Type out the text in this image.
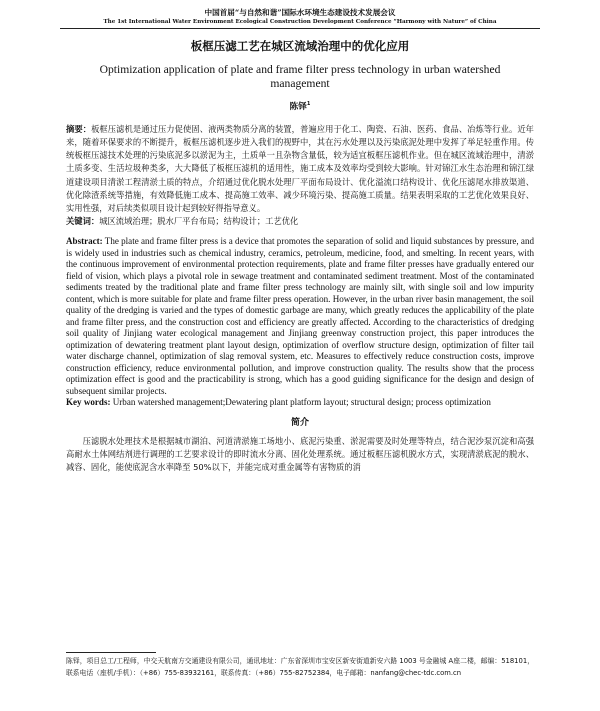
中国首届“与自然和谐”国际水环境生态建设技术发展会议
The 1st International Water Environment Ecological Construction Development Conference “Harmony with Nature” of China
板框压滤工艺在城区流域治理中的优化应用
Optimization application of plate and frame filter press technology in urban watershed management
陈铎$^1$
摘要：板框压滤机是通过压力促使固、液两类物质分离的装置，普遍应用于化工、陶瓷、石油、医药、食品、冶炼等行业。近年来，随着环保要求的不断提升，板框压滤机逐步进入我们的视野中，其在污水处理以及污染底泥处理中发挥了举足轻重作用。传统板框压滤技术处理的污染底泥多以淤泥为主，土质单一且杂物含量低，较为适宜板框压滤机作业。但在城区流域治理中，清淤土质多变、生活垃圾种类多，大大降低了板框压滤机的适用性，施工成本及效率均受到较大影响。针对锦江水生态治理和锦江绿道建设项目清淤工程清淤土质的特点，介绍通过优化脱水处理厂平面布局设计、优化溢流口结构设计、优化压滤尾水排放渠道、优化除渣系统等措施，有效降低施工成本、提高施工效率、减少环境污染、提高施工质量。结果表明采取的工艺优化效果良好、实用性强，对后续类似项目设计起到较好得指导意义。
关键词：城区流域治理；脱水厂平台布局；结构设计；工艺优化
Abstract: The plate and frame filter press is a device that promotes the separation of solid and liquid substances by pressure, and is widely used in industries such as chemical industry, ceramics, petroleum, medicine, food, and smelting. In recent years, with the continuous improvement of environmental protection requirements, plate and frame filter presses have gradually entered our field of vision, which plays a pivotal role in sewage treatment and contaminated sediment treatment. Most of the contaminated sediments treated by the traditional plate and frame filter press technology are mainly silt, with single soil and low impurity content, which is more suitable for plate and frame filter press operation. However, in the urban river basin management, the soil quality of the dredging is varied and the types of domestic garbage are many, which greatly reduces the applicability of the plate and frame filter press, and the construction cost and efficiency are greatly affected. According to the characteristics of dredging soil quality of Jinjiang water ecological management and Jinjiang greenway construction project, this paper introduces the optimization of dewatering treatment plant layout design, optimization of overflow structure design, optimization of filter tail water discharge channel, optimization of slag removal system, etc. Measures to effectively reduce construction costs, improve construction efficiency, reduce environmental pollution, and improve construction quality. The results show that the process optimization effect is good and the practicability is strong, which has a good guiding significance for the design and design of subsequent similar projects.
Key words: Urban watershed management;Dewatering plant platform layout; structural design; process optimization
简介
压滤脱水处理技术是根据城市湖泊、河道清淤施工场地小、底泥污染重、淤泥需要及时处理等特点，结合泥沙泵沉淀和高强高耐水土体网结剂进行调理的工艺要求设计的即时流水分离、固化处理系统。通过板框压滤机脱水方式，实现清淤底泥的脱水、减容、固化，能使底泥含水率降至 50%以下，并能完成对重金属等有害物质的消
陈铎，项目总工/工程师，中交天航南方交通建设有限公司，通讯地址：广东省深圳市宝安区新安街道新安六路 1003 号金融城 A座二楼，邮编：518101，联系电话（座机/手机）：（+86）755-83932161，联系传真：（+86）755-82752384，电子邮箱：nanfang@chec-tdc.com.cn
